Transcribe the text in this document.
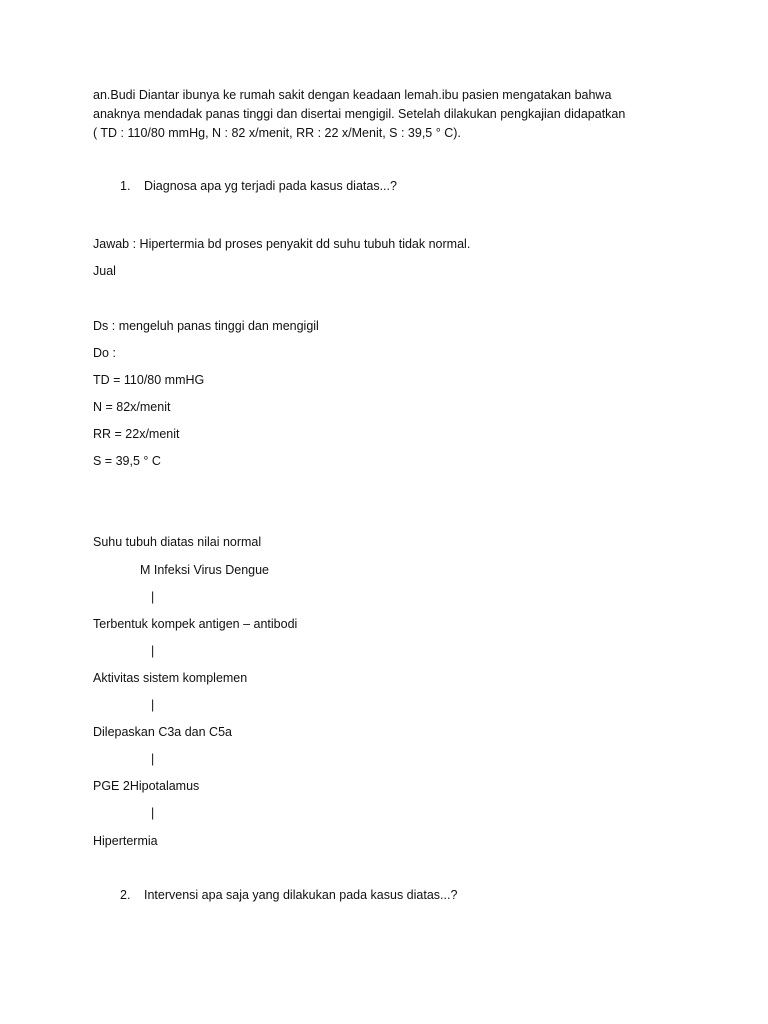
an.Budi Diantar ibunya ke rumah sakit dengan keadaan lemah.ibu pasien mengatakan bahwa
anaknya mendadak panas tinggi dan disertai mengigil. Setelah dilakukan pengkajian didapatkan
( TD : 110/80 mmHg, N : 82 x/menit, RR : 22 x/Menit, S : 39,5 ° C).
1. Diagnosa apa yg terjadi pada kasus diatas...?
Jawab : Hipertermia bd proses penyakit dd suhu tubuh tidak normal.
Jual
Ds : mengeluh panas tinggi dan mengigil
Do :
TD = 110/80 mmHG
N = 82x/menit
RR = 22x/menit
S = 39,5 ° C
Suhu tubuh diatas nilai normal
M Infeksi Virus Dengue
|
Terbentuk kompek antigen – antibodi
|
Aktivitas sistem komplemen
|
Dilepaskan C3a dan C5a
|
PGE 2Hipotalamus
|
Hipertermia
2. Intervensi apa saja yang dilakukan pada kasus diatas...?
